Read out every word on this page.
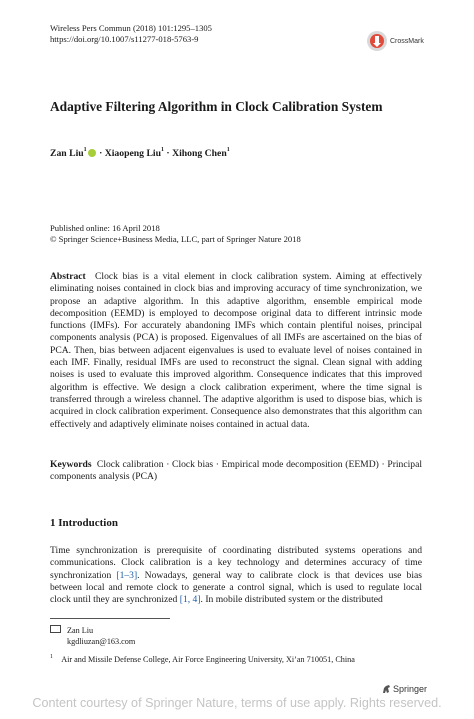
Wireless Pers Commun (2018) 101:1295–1305
https://doi.org/10.1007/s11277-018-5763-9	CrossMark
Adaptive Filtering Algorithm in Clock Calibration System
Zan Liu$^1$ · Xiaopeng Liu$^1$ · Xihong Chen$^1$
Published online: 16 April 2018
© Springer Science+Business Media, LLC, part of Springer Nature 2018
Abstract Clock bias is a vital element in clock calibration system. Aiming at effectively eliminating noises contained in clock bias and improving accuracy of time synchronization, we propose an adaptive algorithm. In this adaptive algorithm, ensemble empirical mode decomposition (EEMD) is employed to decompose original data to different intrinsic mode functions (IMFs). For accurately abandoning IMFs which contain plentiful noises, principal components analysis (PCA) is proposed. Eigenvalues of all IMFs are ascertained on the bias of PCA. Then, bias between adjacent eigenvalues is used to evaluate level of noises contained in each IMF. Finally, residual IMFs are used to reconstruct the signal. Clean signal with adding noises is used to evaluate this improved algorithm. Consequence indicates that this improved algorithm is effective. We design a clock calibration experiment, where the time signal is transferred through a wireless channel. The adaptive algorithm is used to dispose bias, which is acquired in clock calibration experiment. Consequence also demonstrates that this algorithm can effectively and adaptively eliminate noises contained in actual data.
Keywords Clock calibration · Clock bias · Empirical mode decomposition (EEMD) · Principal components analysis (PCA)
1 Introduction
Time synchronization is prerequisite of coordinating distributed systems operations and communications. Clock calibration is a key technology and determines accuracy of time synchronization [1–3]. Nowadays, general way to calibrate clock is that devices use bias between local and remote clock to generate a control signal, which is used to regulate local clock until they are synchronized [1, 4]. In mobile distributed system or the distributed
Zan Liu
kgdliuzan@163.com
$^1$ Air and Missile Defense College, Air Force Engineering University, Xi’an 710051, China
Springer
Content courtesy of Springer Nature, terms of use apply. Rights reserved.
